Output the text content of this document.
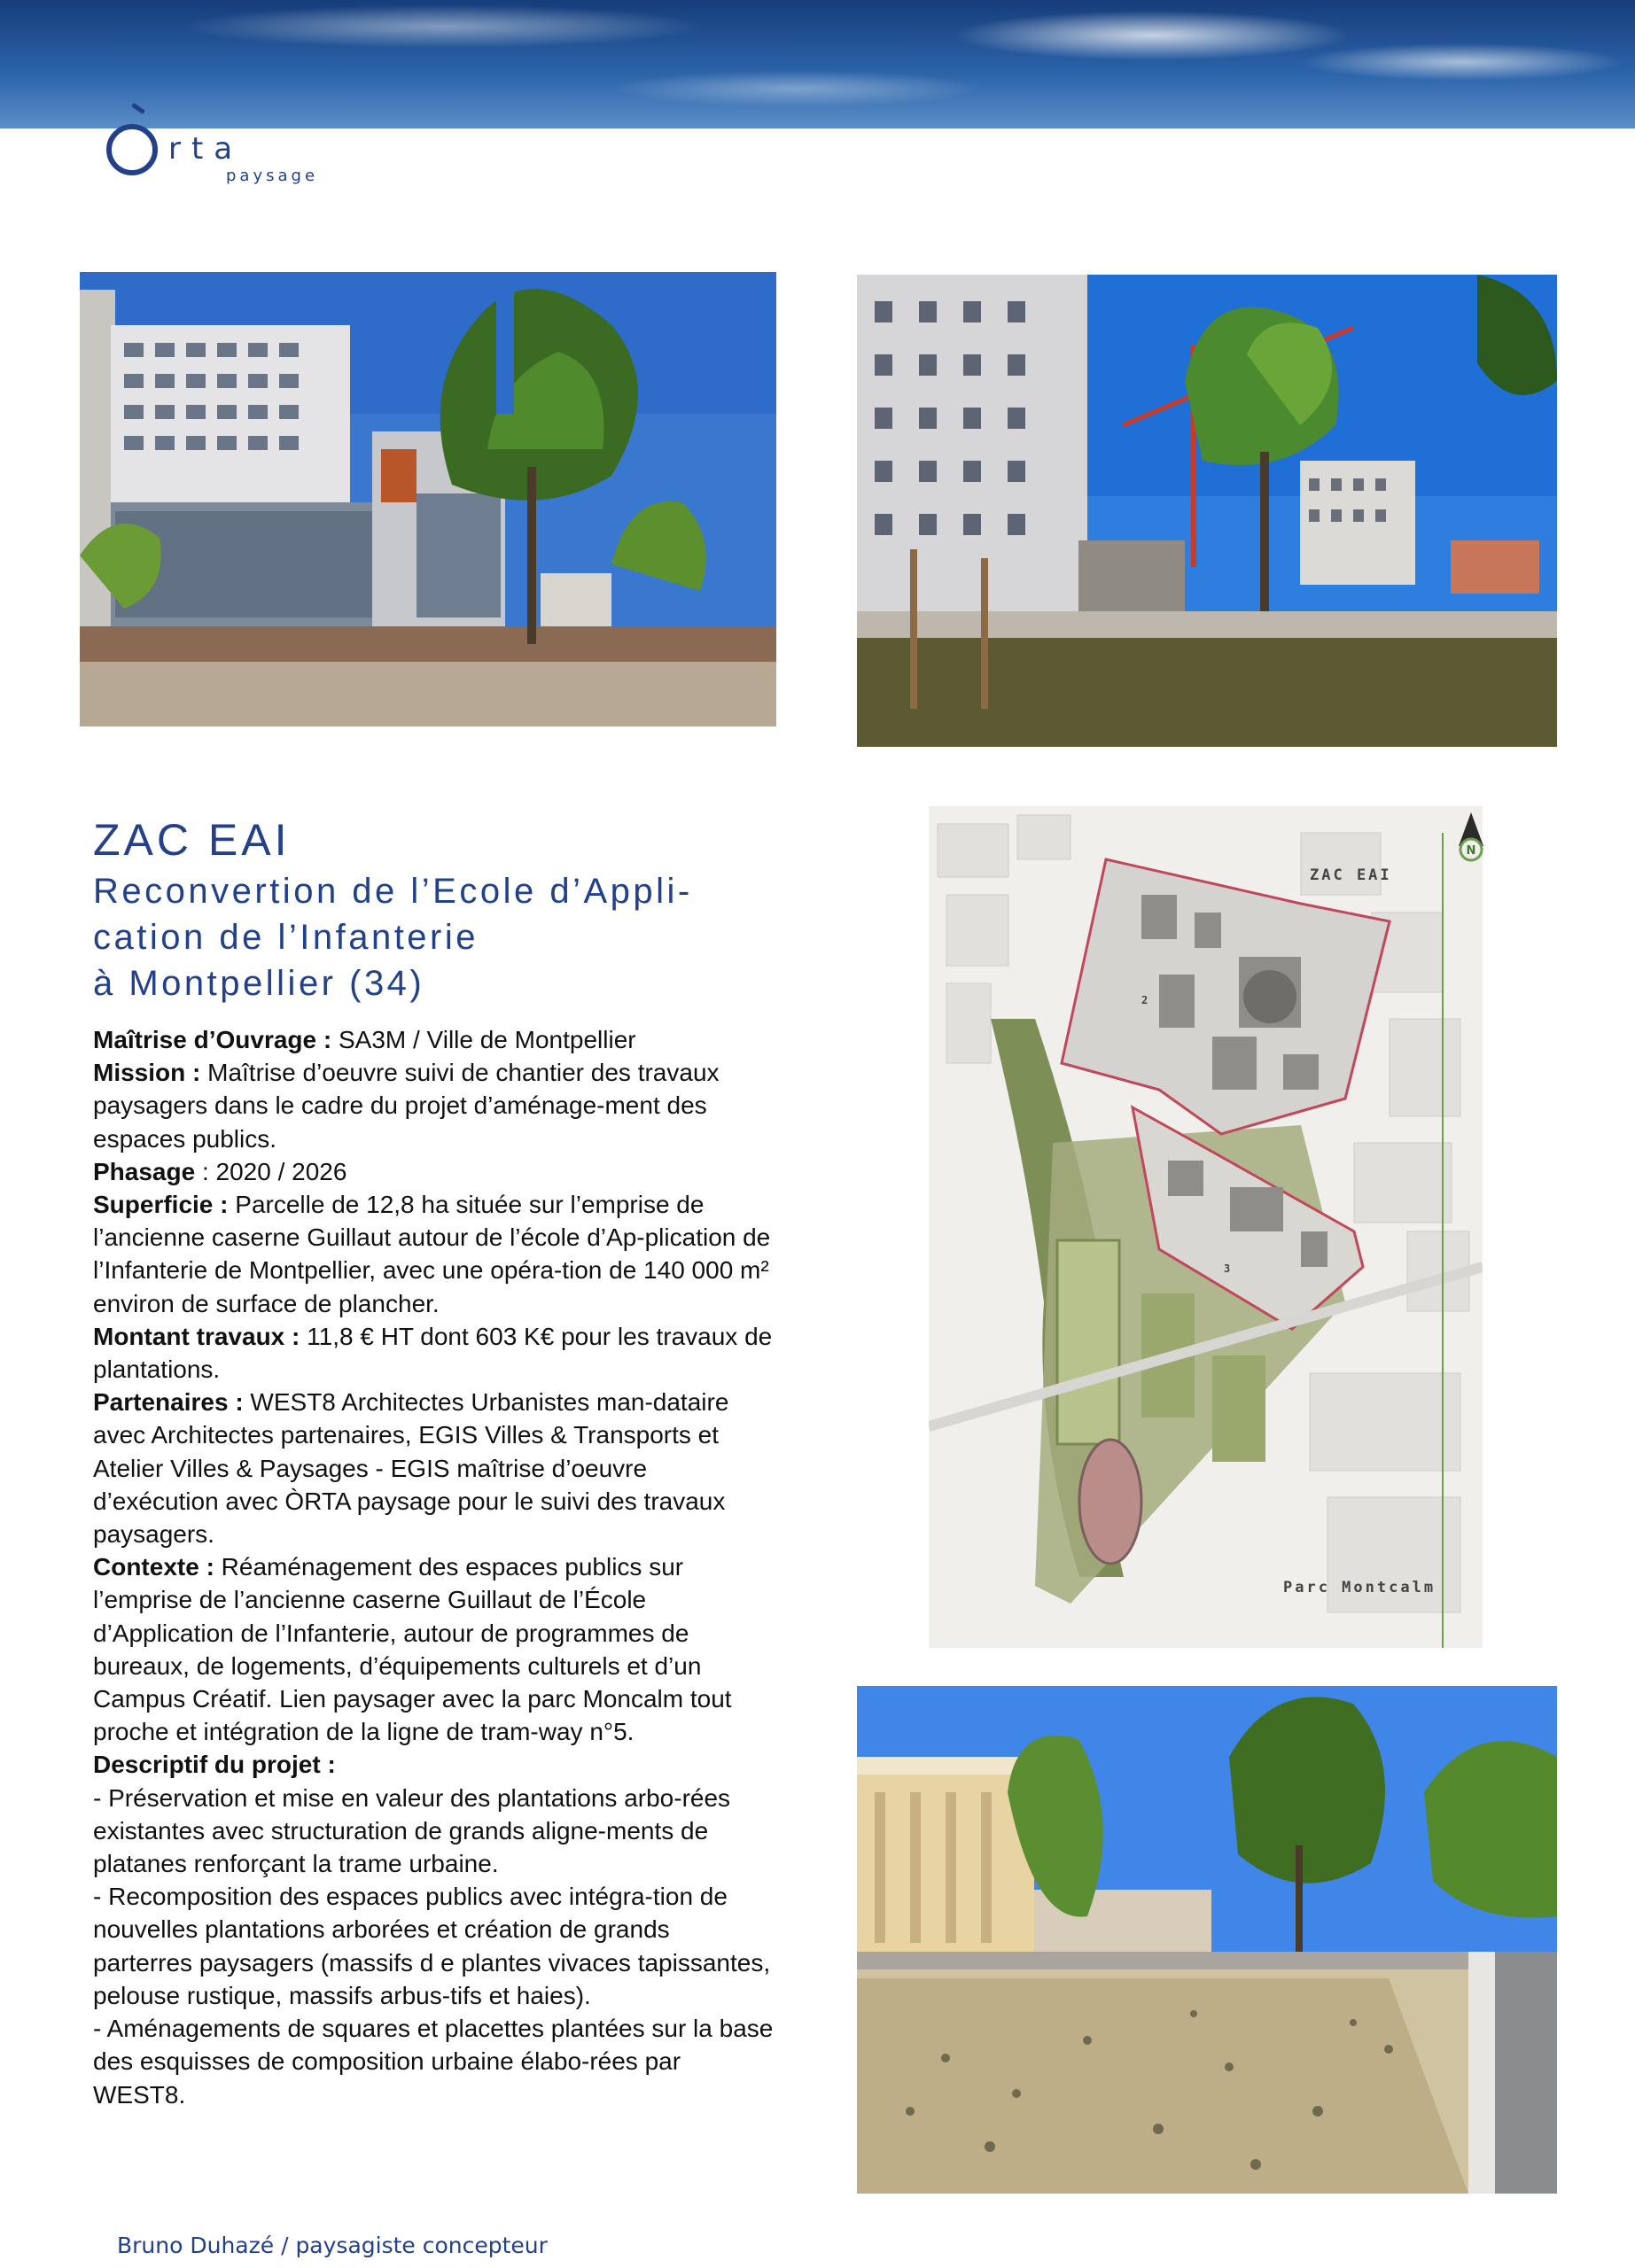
rta
paysage
ZAC EAI
Reconvertion de l’Ecole d’Appli-
cation de l’Infanterie
à Montpellier (34)

Maîtrise d’Ouvrage : SA3M / Ville de Montpellier

Mission : Maîtrise d’oeuvre suivi de chantier des travaux paysagers dans le cadre du projet d’aménage-ment des espaces publics.

Phasage : 2020 / 2026

Superficie : Parcelle de 12,8 ha située sur l’emprise de l’ancienne caserne Guillaut autour de l’école d’Ap-plication de l’Infanterie de Montpellier, avec une opéra-tion de 140 000 m² environ de surface de plancher.

Montant travaux : 11,8 € HT dont 603 K€ pour les travaux de plantations.

Partenaires : WEST8 Architectes Urbanistes man-dataire avec Architectes partenaires, EGIS Villes & Transports et Atelier Villes & Paysages - EGIS maîtrise d’oeuvre d’exécution avec ÒRTA paysage pour le suivi des travaux paysagers.

Contexte : Réaménagement des espaces publics sur l’emprise de l’ancienne caserne Guillaut de l’École d’Application de l’Infanterie, autour de programmes de bureaux, de logements, d’équipements culturels et d’un Campus Créatif. Lien paysager avec la parc Moncalm tout proche et intégration de la ligne de tram-way n°5.

Descriptif du projet :

- Préservation et mise en valeur des plantations arbo-rées existantes avec structuration de grands aligne-ments de platanes renforçant la trame urbaine.

- Recomposition des espaces publics avec intégra-tion de nouvelles plantations arborées et création de grands parterres paysagers (massifs d e plantes vivaces tapissantes, pelouse rustique, massifs arbus-tifs et haies).

- Aménagements de squares et placettes plantées sur la base des esquisses de composition urbaine élabo-rées par WEST8.

ZAC EAI
Parc Montcalm
2
3
N
Bruno Duhazé / paysagiste concepteur
